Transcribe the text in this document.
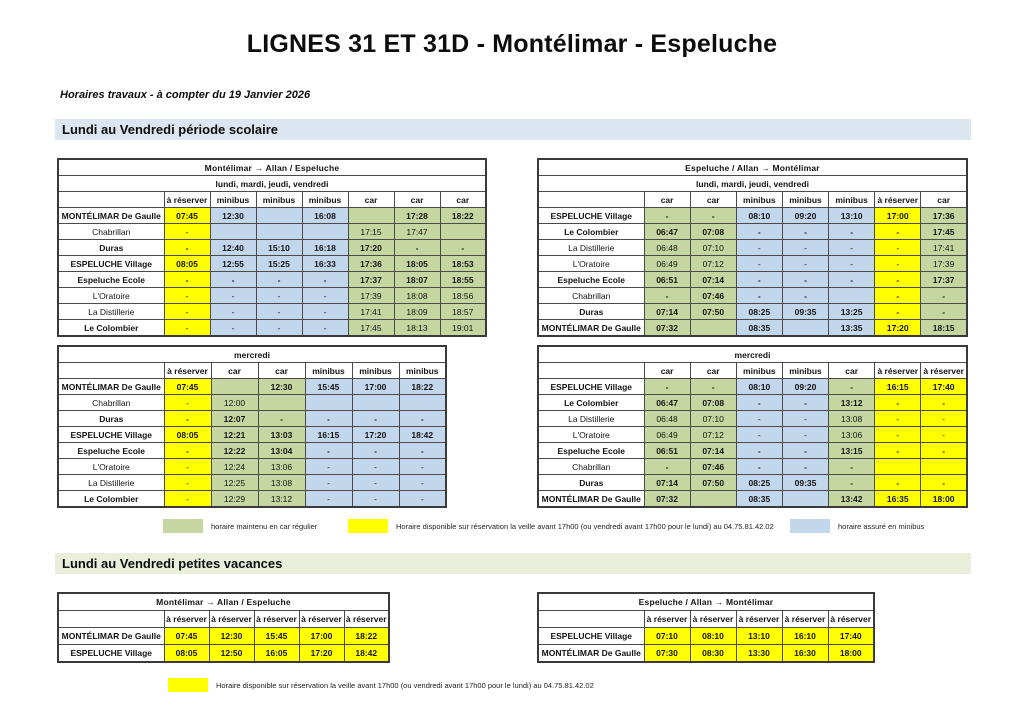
LIGNES 31 ET 31D - Montélimar - Espeluche
Horaires travaux - à compter du 19 Janvier 2026
Lundi au Vendredi période scolaire
Montélimar → Allan / Espeluche							
lundi, mardi, jeudi, vendredi							
	à réserver	minibus	minibus	minibus	car	car	car
MONTÉLIMAR De Gaulle	07:45	12:30		16:08		17:28	18:22
Chabrillan	-				17:15	17:47	
Duras	-	12:40	15:10	16:18	17:20	-	-
ESPELUCHE Village	08:05	12:55	15:25	16:33	17:36	18:05	18:53
Espeluche Ecole	-	-	-	-	17:37	18:07	18:55
L'Oratoire	-	-	-	-	17:39	18:08	18:56
La Distillerie	-	-	-	-	17:41	18:09	18:57
Le Colombier	-	-	-	-	17:45	18:13	19:01
Espeluche / Allan → Montélimar							
lundi, mardi, jeudi, vendredi							
	car	car	minibus	minibus	minibus	à réserver	car
ESPELUCHE Village	-	-	08:10	09:20	13:10	17:00	17:36
Le Colombier	06:47	07:08	-	-	-	-	17:45
La Distillerie	06:48	07:10	-	-	-	-	17:41
L'Oratoire	06:49	07:12	-	-	-	-	17:39
Espeluche Ecole	06:51	07:14	-	-	-	-	17:37
Chabrillan	-	07:46	-	-		-	-
Duras	07:14	07:50	08:25	09:35	13:25	-	-
MONTÉLIMAR De Gaulle	07:32		08:35		13:35	17:20	18:15
mercredi						
	à réserver	car	car	minibus	minibus	minibus
MONTÉLIMAR De Gaulle	07:45		12:30	15:45	17:00	18:22
Chabrillan	-	12:00				
Duras	-	12:07	-	-	-	-
ESPELUCHE Village	08:05	12:21	13:03	16:15	17:20	18:42
Espeluche Ecole	-	12:22	13:04	-	-	-
L'Oratoire	-	12:24	13:06	-	-	-
La Distillerie	-	12:25	13:08	-	-	-
Le Colombier	-	12:29	13:12	-	-	-
mercredi							
	car	car	minibus	minibus	car	à réserver	à réserver
ESPELUCHE Village	-	-	08:10	09:20	-	16:15	17:40
Le Colombier	06:47	07:08	-	-	13:12	-	-
La Distillerie	06:48	07:10	-	-	13:08	-	-
L'Oratoire	06:49	07:12	-	-	13:06	-	-
Espeluche Ecole	06:51	07:14	-	-	13:15	-	-
Chabrillan	-	07:46	-	-	-		
Duras	07:14	07:50	08:25	09:35	-	-	-
MONTÉLIMAR De Gaulle	07:32		08:35		13:42	16:35	18:00
horaire maintenu en car régulier	Horaire disponible sur réservation la veille avant 17h00 (ou vendredi avant 17h00 pour le lundi) au 04.75.81.42.02	horaire assuré en minibus
Lundi au Vendredi petites vacances
Montélimar → Allan / Espeluche					
	à réserver	à réserver	à réserver	à réserver	à réserver
MONTÉLIMAR De Gaulle	07:45	12:30	15:45	17:00	18:22
ESPELUCHE Village	08:05	12:50	16:05	17:20	18:42
Espeluche / Allan → Montélimar					
	à réserver	à réserver	à réserver	à réserver	à réserver
ESPELUCHE Village	07:10	08:10	13:10	16:10	17:40
MONTÉLIMAR De Gaulle	07:30	08:30	13:30	16:30	18:00
Horaire disponible sur réservation la veille avant 17h00 (ou vendredi avant 17h00 pour le lundi) au 04.75.81.42.02
